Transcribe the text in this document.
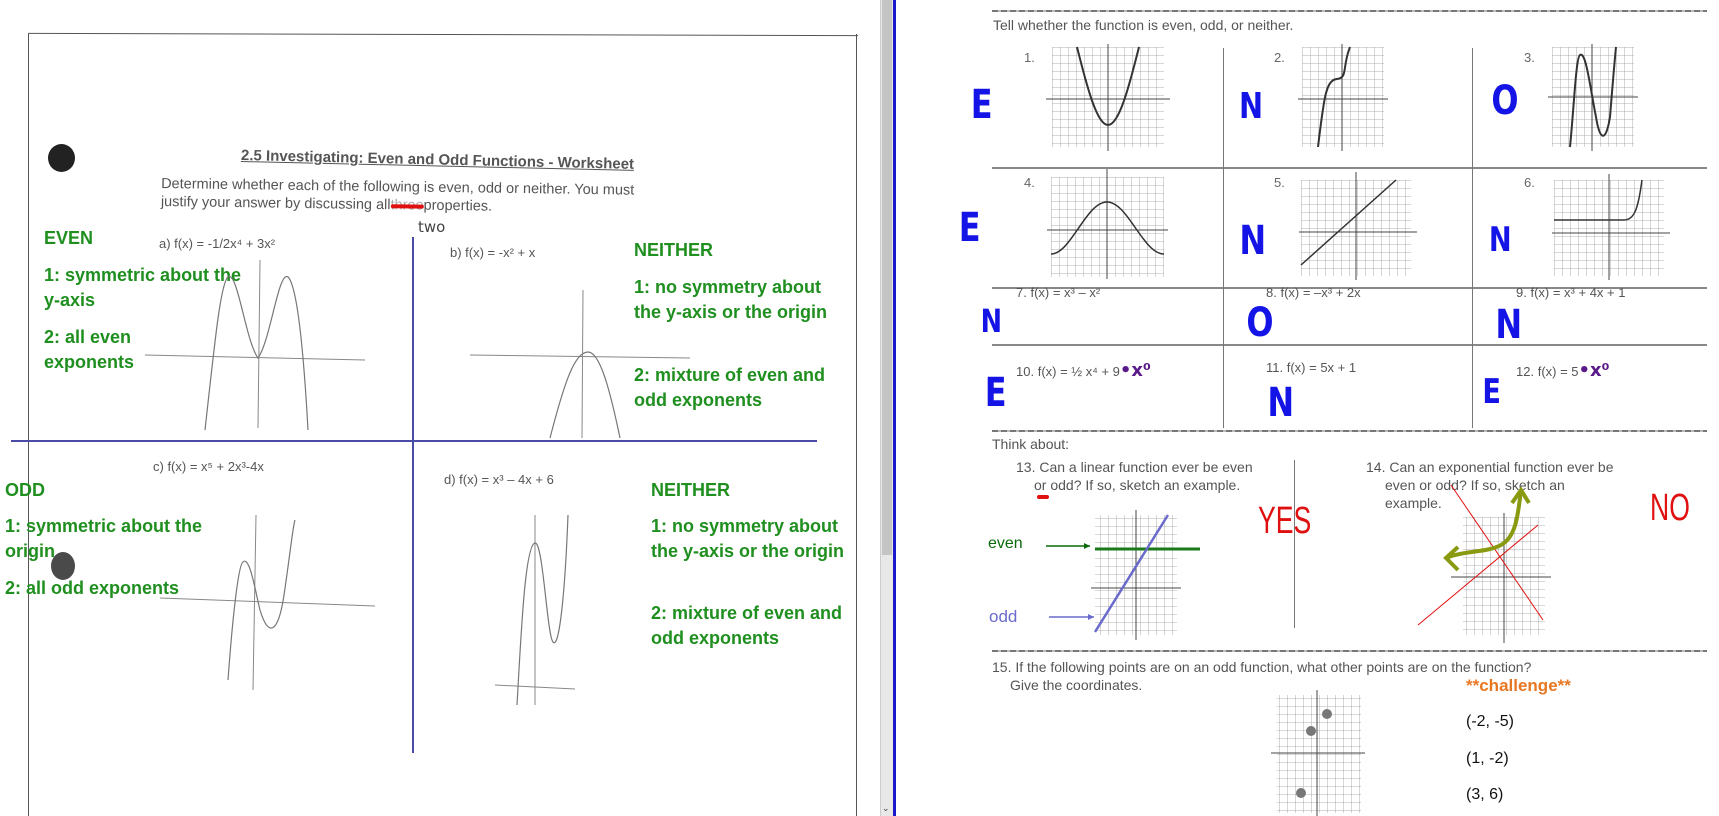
2.5 Investigating: Even and Odd Functions - Worksheet
Determine whether each of the following is even, odd or neither. You must
justify your answer by discussing all properties.
two
a) f(x) = -1/2x⁴ + 3x²
EVEN
1: symmetric about the y-axis
2: all even exponents
b) f(x) = -x² + x	NEITHER
1: no symmetry about the y-axis or the origin
2: mixture of even and odd exponents
c) f(x) = x⁵ + 2x³-4x
ODD
1: symmetric about the origin
2: all odd exponents
d) f(x) = x³ – 4x + 6
NEITHER
1: no symmetry about the y-axis or the origin
2: mixture of even and odd exponents
⌄
Tell whether the function is even, odd, or neither.
1.	2.	3.
4.	5.	6.
7. f(x) = x³ – x²	8. f(x) = –x³ + 2x	9. f(x) = x³ + 4x + 1
10. f(x) = ½ x⁴ + 9•x⁰	11. f(x) = 5x + 1	12. f(x) = 5•x⁰
E	N	O
E	N	N
N	O	N
E	N	E
Think about:
13. Can a linear function ever be even
or odd? If so, sketch an example.
14. Can an exponential function ever be
even or odd? If so, sketch an
example.
YES	NO
even
odd
15. If the following points are on an odd function, what other points are on the function?
Give the coordinates.	**challenge**
(-2, -5)
(1, -2)
(3, 6)
